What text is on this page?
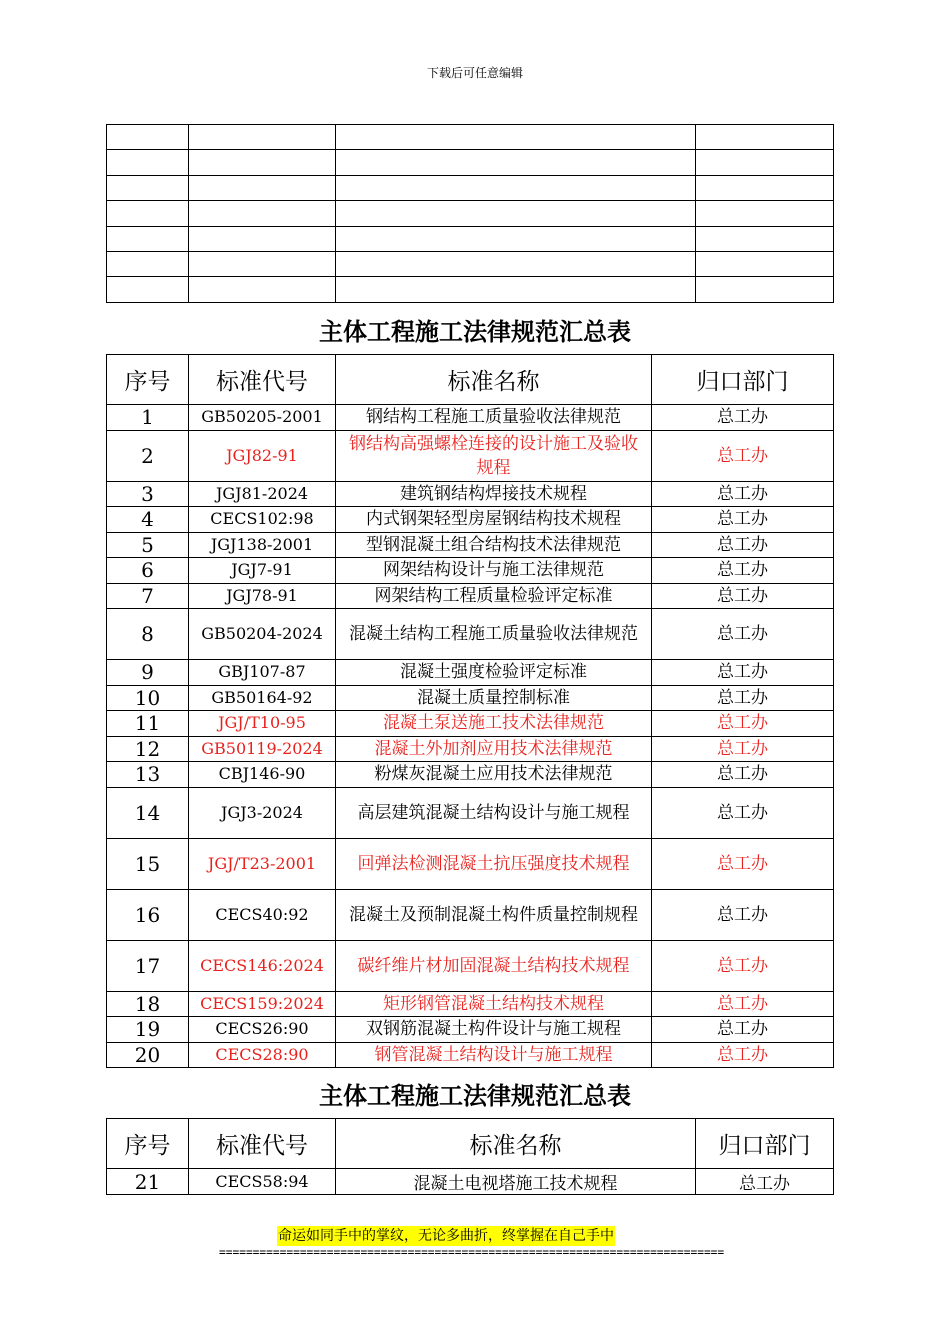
下载后可任意编辑

主体工程施工法律规范汇总表
序号	标准代号	标准名称	归口部门
1	GB50205-2001	钢结构工程施工质量验收法律规范	总工办
2	JGJ82-91	钢结构高强螺栓连接的设计施工及验收规程	总工办
3	JGJ81-2024	建筑钢结构焊接技术规程	总工办
4	CECS102:98	内式钢架轻型房屋钢结构技术规程	总工办
5	JGJ138-2001	型钢混凝土组合结构技术法律规范	总工办
6	JGJ7-91	网架结构设计与施工法律规范	总工办
7	JGJ78-91	网架结构工程质量检验评定标准	总工办
8	GB50204-2024	混凝土结构工程施工质量验收法律规范	总工办
9	GBJ107-87	混凝土强度检验评定标准	总工办
10	GB50164-92	混凝土质量控制标准	总工办
11	JGJ/T10-95	混凝土泵送施工技术法律规范	总工办
12	GB50119-2024	混凝土外加剂应用技术法律规范	总工办
13	CBJ146-90	粉煤灰混凝土应用技术法律规范	总工办
14	JGJ3-2024	高层建筑混凝土结构设计与施工规程	总工办
15	JGJ/T23-2001	回弹法检测混凝土抗压强度技术规程	总工办
16	CECS40:92	混凝土及预制混凝土构件质量控制规程	总工办
17	CECS146:2024	碳纤维片材加固混凝土结构技术规程	总工办
18	CECS159:2024	矩形钢管混凝土结构技术规程	总工办
19	CECS26:90	双钢筋混凝土构件设计与施工规程	总工办
20	CECS28:90	钢管混凝土结构设计与施工规程	总工办
主体工程施工法律规范汇总表
序号	标准代号	标准名称	归口部门
21	CECS58:94	混凝土电视塔施工技术规程	总工办
命运如同手中的掌纹，无论多曲折，终掌握在自己手中
===========================================================================
